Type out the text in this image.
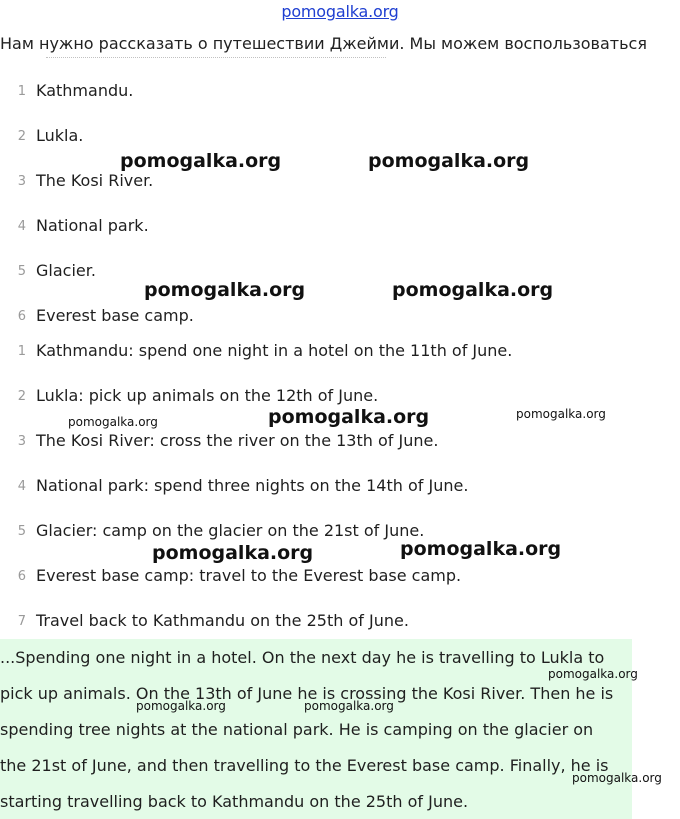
pomogalka.org
Нам нужно рассказать о путешествии Джейми. Мы можем воспользоваться
1 Kathmandu.
2 Lukla.
3 The Kosi River.
4 National park.
5 Glacier.
6 Everest base camp.
1 Kathmandu: spend one night in a hotel on the 11th of June.
2 Lukla: pick up animals on the 12th of June.
3 The Kosi River: cross the river on the 13th of June.
4 National park: spend three nights on the 14th of June.
5 Glacier: camp on the glacier on the 21st of June.
6 Everest base camp: travel to the Everest base camp.
7 Travel back to Kathmandu on the 25th of June.
...Spending one night in a hotel. On the next day he is travelling to Lukla to
pick up animals. On the 13th of June he is crossing the Kosi River. Then he is
spending tree nights at the national park. He is camping on the glacier on
the 21st of June, and then travelling to the Everest base camp. Finally, he is
starting travelling back to Kathmandu on the 25th of June.
pomogalka.org	pomogalka.org
pomogalka.org	pomogalka.org
pomogalka.org	pomogalka.org	pomogalka.org
pomogalka.org	pomogalka.org
pomogalka.org
pomogalka.org	pomogalka.org
pomogalka.org
